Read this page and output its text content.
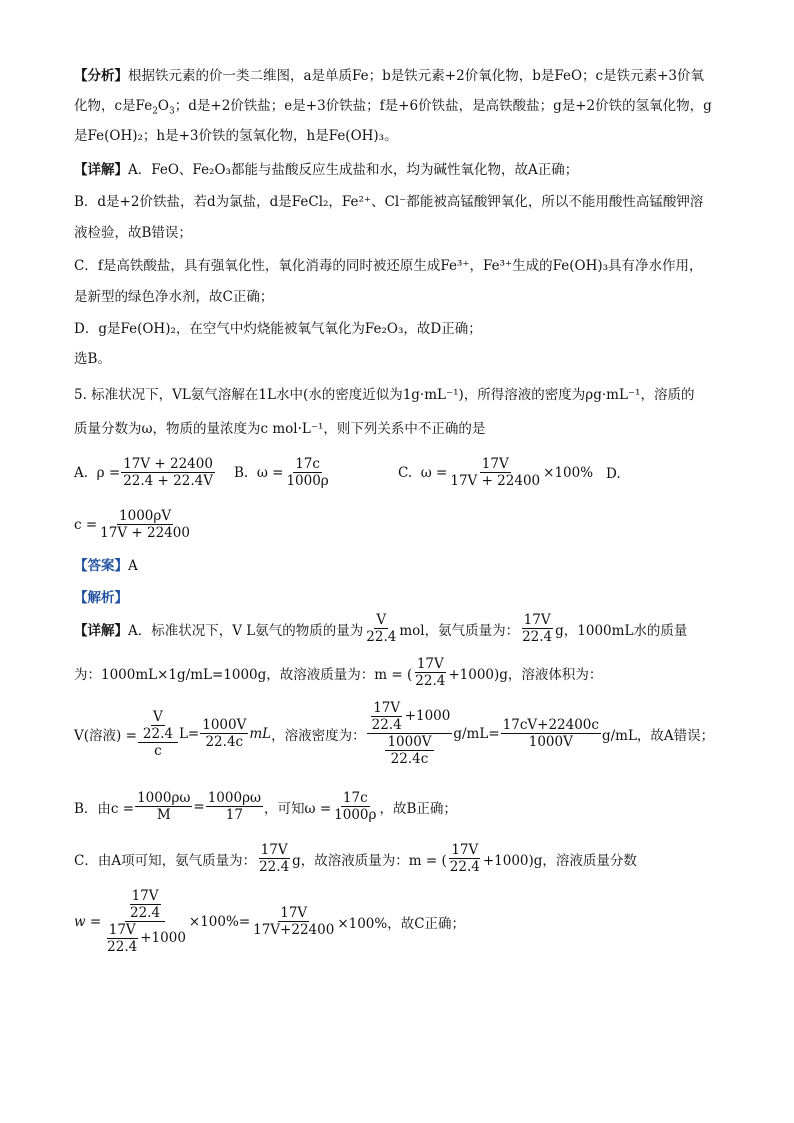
【分析】根据铁元素的价一类二维图，a是单质Fe；b是铁元素+2价氧化物，b是FeO；c是铁元素+3价氧
化物，c是$Fe_2O_3$；d是+2价铁盐；e是+3价铁盐；f是+6价铁盐，是高铁酸盐；g是+2价铁的氢氧化物，g
是Fe(OH)₂；h是+3价铁的氢氧化物，h是Fe(OH)₃。
【详解】A．FeO、Fe₂O₃都能与盐酸反应生成盐和水，均为碱性氧化物，故A正确；
B．d是+2价铁盐，若d为氯盐，d是FeCl₂，Fe²⁺、Cl⁻都能被高锰酸钾氧化，所以不能用酸性高锰酸钾溶
液检验，故B错误；
C．f是高铁酸盐，具有强氧化性，氧化消毒的同时被还原生成Fe³⁺，Fe³⁺生成的Fe(OH)₃具有净水作用，
是新型的绿色净水剂，故C正确；
D．g是Fe(OH)₂，在空气中灼烧能被氧气氧化为Fe₂O₃，故D正确；
选B。
5. 标准状况下，VL氨气溶解在1L水中(水的密度近似为1g·mL⁻¹)，所得溶液的密度为ρg·mL⁻¹，溶质的
质量分数为ω，物质的量浓度为c mol·L⁻¹，则下列关系中不正确的是
A.
$\rho = \frac{17V + 22400}{22.4 + 22.4V} B$.
$\omega = \frac{17c}{1000\rho}$	C.
$\omega = \frac{17V}{17V + 22400} \times 100\%$ D.
$c = \frac{1000\rho V}{17V + 22400}$
【答案】A
【解析】
【详解】 A．标准状况下，V L氨气的物质的量为 $\frac{V}{22.4}$ mol，氨气质量为： $\frac{17V}{22.4}$ g，1000mL水的质量
为：1000mL×1g/mL=1000g，故溶液质量为：m = ( $\frac{17V}{22.4} +1000)g$，溶液体积为：
V(溶液) = $\frac{\frac{V}{22.4}}{c} L= \frac{1000V}{22.4c}$ mL ，溶液密度为： $\frac{\frac{17V}{22.4} +1000}{\frac{1000V}{22.4c}} g/mL= \frac{17cV+22400c}{1000V} g/mL$，故A错误；
B．由$c = \frac{1000\rho\omega}{M} = \frac{1000\rho\omega}{17}$ ，可知$\omega = \frac{17c}{1000\rho}$ ，故B正确；
C．由A项可知，氨气质量为： $\frac{17V}{22.4}$ g，故溶液质量为：m = ( $\frac{17V}{22.4} +1000)g$，溶液质量分数
$w = \frac{\frac{17V}{22.4}}{\frac{17V}{22.4} +1000} \times 100\%= \frac{17V}{17V+22400} \times 100\%$，故C正确；
